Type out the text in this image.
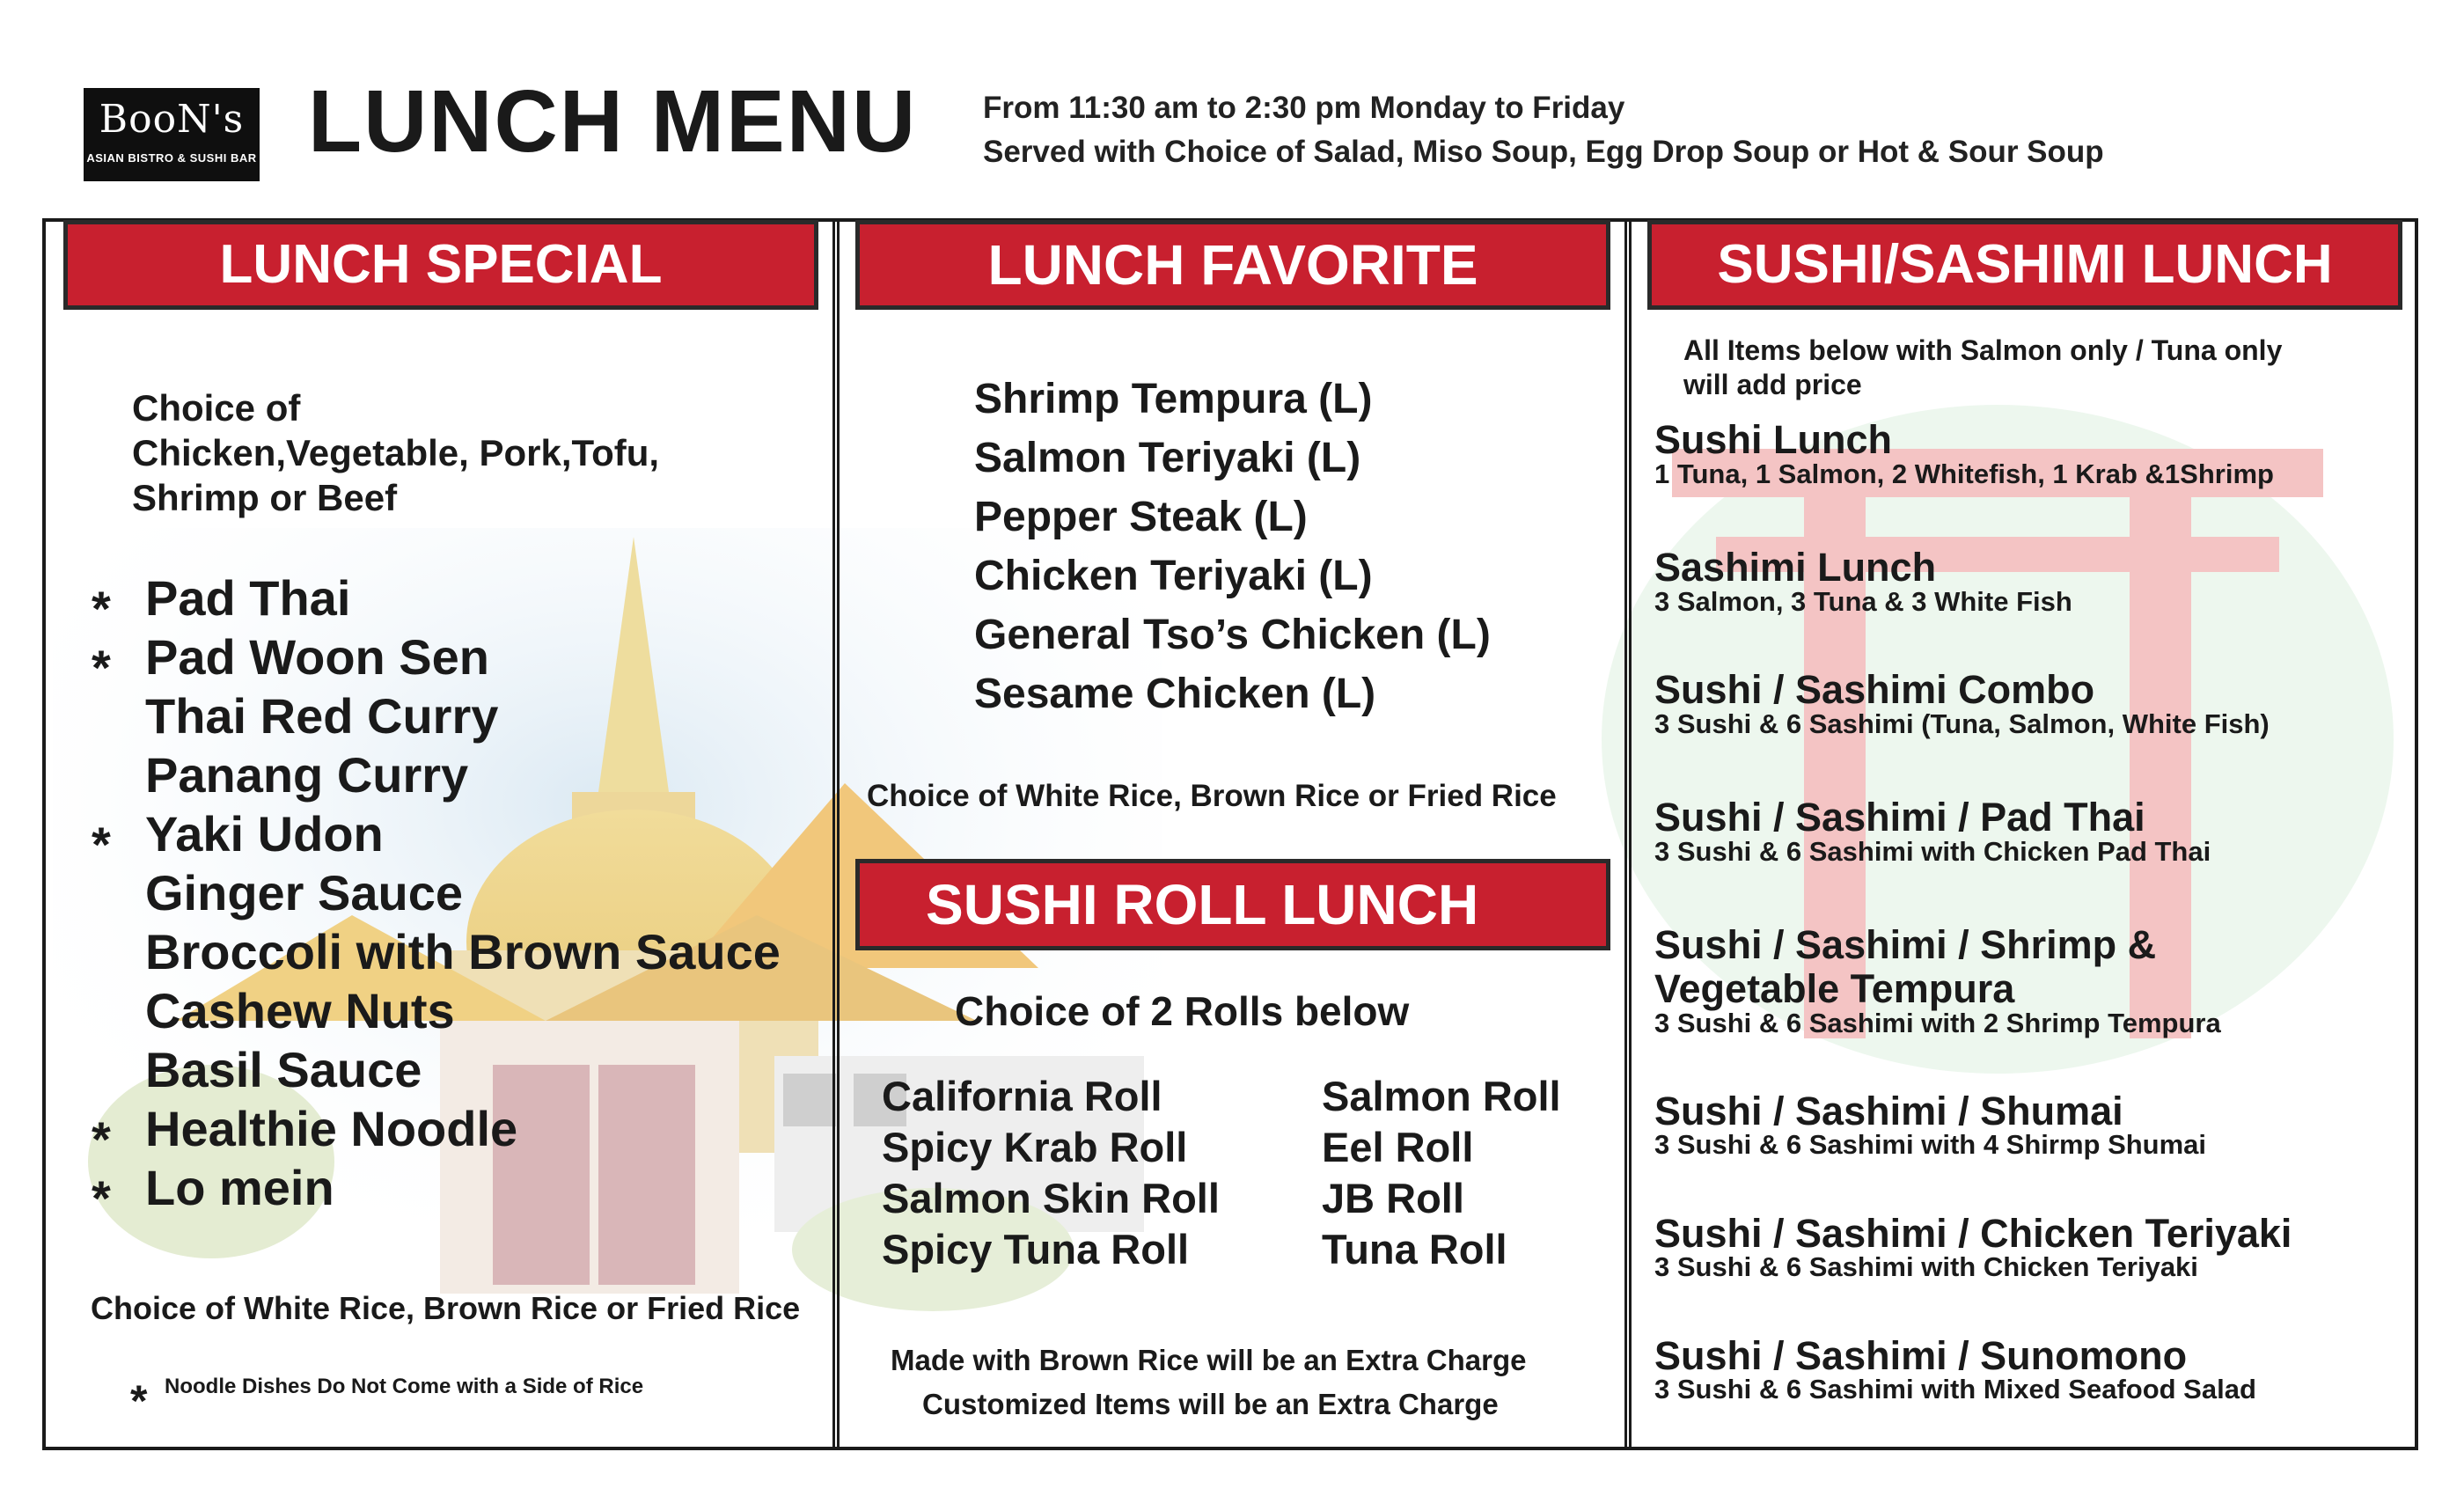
BooN's
ASIAN BISTRO & SUSHI BAR LUNCH MENU From 11:30 am to 2:30 pm Monday to Friday
Served with Choice of Salad, Miso Soup, Egg Drop Soup or Hot & Sour Soup
LUNCH SPECIAL
Choice of
Chicken,Vegetable, Pork,Tofu,
Shrimp or Beef
* Pad Thai
* Pad Woon Sen
Thai Red Curry
Panang Curry
* Yaki Udon
Ginger Sauce
Broccoli with Brown Sauce
Cashew Nuts
Basil Sauce
* Healthie Noodle
* Lo mein
Choice of White Rice, Brown Rice or Fried Rice
* Noodle Dishes Do Not Come with a Side of Rice
LUNCH FAVORITE
Shrimp Tempura (L)
Salmon Teriyaki (L)
Pepper Steak (L)
Chicken Teriyaki (L)
General Tso’s Chicken (L)
Sesame Chicken (L)
Choice of White Rice, Brown Rice or Fried Rice
SUSHI ROLL LUNCH
Choice of 2 Rolls below
California Roll
Spicy Krab Roll
Salmon Skin Roll
Spicy Tuna Roll
Salmon Roll
Eel Roll
JB Roll
Tuna Roll
Made with Brown Rice will be an Extra Charge
Customized Items will be an Extra Charge
SUSHI/SASHIMI LUNCH
All Items below with Salmon only / Tuna only
will add price
Sushi Lunch
1 Tuna, 1 Salmon, 2 Whitefish, 1 Krab &1Shrimp
Sashimi Lunch
3 Salmon, 3 Tuna & 3 White Fish
Sushi / Sashimi Combo
3 Sushi & 6 Sashimi (Tuna, Salmon, White Fish)
Sushi / Sashimi / Pad Thai
3 Sushi & 6 Sashimi with Chicken Pad Thai
Sushi / Sashimi / Shrimp &
Vegetable Tempura
3 Sushi & 6 Sashimi with 2 Shrimp Tempura
Sushi / Sashimi / Shumai
3 Sushi & 6 Sashimi with 4 Shirmp Shumai
Sushi / Sashimi / Chicken Teriyaki
3 Sushi & 6 Sashimi with Chicken Teriyaki
Sushi / Sashimi / Sunomono
3 Sushi & 6 Sashimi with Mixed Seafood Salad
